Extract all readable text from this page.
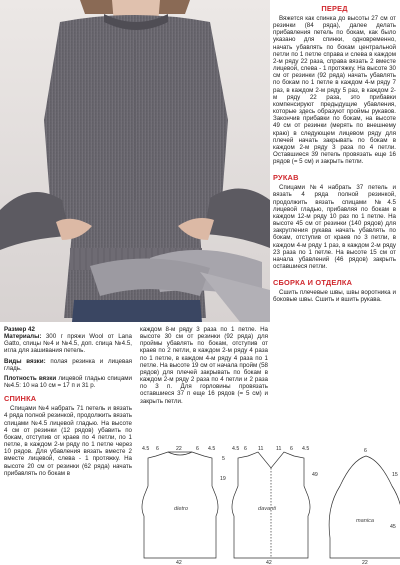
ПЕРЕД

Вяжется как спинка до высоты 27 см от резинки (84 ряда), далее делать прибавления петель по бокам, как было указано для спинки, одновременно, начать убавлять по бокам центральной петли по 1 петле справа и слева в каждом 2-м ряду 22 раза, справа вязать 2 вместе лицевой, слева - 1 протяжку. На высоте 30 см от резинки (92 ряда) начать убавлять по бокам по 1 петле в каждом 4-м ряду 7 раз, в каждом 2-м ряду 5 раз, в каждом 2-м ряду 22 раза, это прибавки компенсируют предыдущие убавления, которые здесь образуют проймы рукавов. Закончив прибавки по бокам, на высоте 49 см от резинки (мерять по внешнему краю) в следующем лицевом ряду для плечей начать закрывать по бокам в каждом 2-м ряду 3 раза по 4 петли. Оставшиеся 39 петель провязать еще 16 рядов (= 5 см) и закрыть петли.

РУКАВ

Спицами №4 набрать 37 петель и вязать 4 ряда полной резинкой, продолжить вязать спицами №4.5 лицевой гладью, прибавляя по бокам в каждом 12-м ряду 10 раз по 1 петле. На высоте 45 см от резинки (140 рядов) для закругления рукава начать убавлять по бокам, отступив от краев по 3 петли, в каждом 4-м ряду 1 раз, в каждом 2-м ряду 23 раза по 1 петле. На высоте 15 см от начала убавлений (46 рядов) закрыть оставшиеся петли.

СБОРКА И ОТДЕЛКА

Сшить плечевые швы, швы воротника и боковые швы. Сшить и вшить рукава.

Размер 42

Материалы: 300 г пряжи Wool от Lana Gatto, спицы №4 и №4.5, доп. спица №4.5, игла для зашивания петель.

Виды вязки: полая резинка и лицевая гладь.

Плотность вязки лицевой гладью спицами №4.5: 10 на 10 см = 17 п и 31 р.

СПИНКА

Спицами №4 набрать 71 петель и вязать 4 ряда полной резинкой, продолжить вязать спицами №4.5 лицевой гладью. На высоте 4 см от резинки (12 рядов) убавить по бокам, отступив от краев по 4 петли, по 1 петле, в каждом 2-м ряду по 1 петле через 10 рядов. Для убавления вязать вместе 2 вместе лицевой, слева - 1 протяжку. На высоте 20 см от резинки (62 ряда) начать прибавлять по бокам в

каждом 8-м ряду 3 раза по 1 петле. На высоте 30 см от резинки (92 ряда) для проймы убавлять по бокам, отступив от краев по 2 петли, в каждом 2-м ряду 4 раза по 1 петле, в каждом 4-м ряду 4 раза по 1 петле. На высоте 19 см от начала пройм (58 рядов) для плечей закрывать по бокам в каждом 2-м ряду 2 раза по 4 петли и 2 раза по 3 п. Для горловины провязать оставшиеся 37 п еще 16 рядов (= 5 см) и закрыть петли.

dietro	davanti
manica
4.5 6	22	6 4.5	4.5 6 11 11 6 4.5	6
5
49
19
45
15
42	42	22
